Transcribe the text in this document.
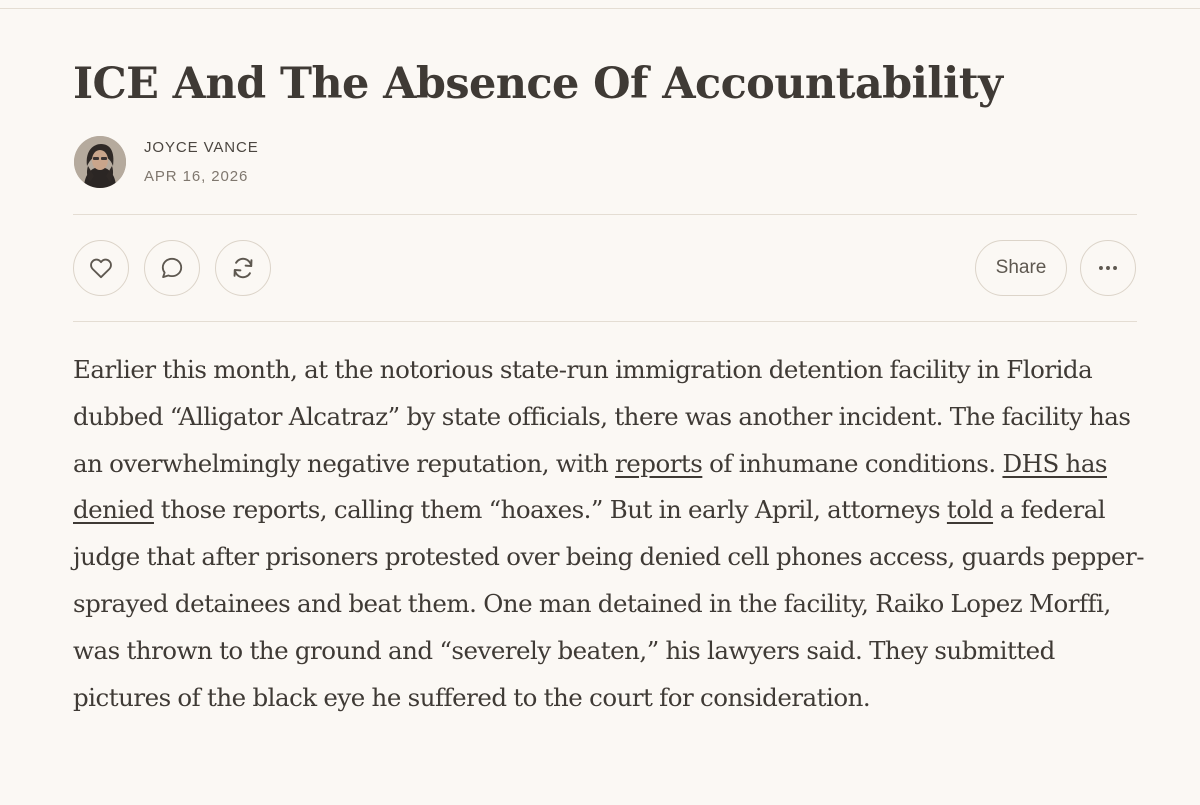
ICE And The Absence Of Accountability
JOYCE VANCE
APR 16, 2026
Share

Earlier this month, at the notorious state-run immigration detention facility in Florida dubbed “Alligator Alcatraz” by state officials, there was another incident. The facility has an overwhelmingly negative reputation, with reports of inhumane conditions. DHS has denied those reports, calling them “hoaxes.” But in early April, attorneys told a federal judge that after prisoners protested over being denied cell phones access, guards pepper-sprayed detainees and beat them. One man detained in the facility, Raiko Lopez Morffi, was thrown to the ground and “severely beaten,” his lawyers said. They submitted pictures of the black eye he suffered to the court for consideration.
